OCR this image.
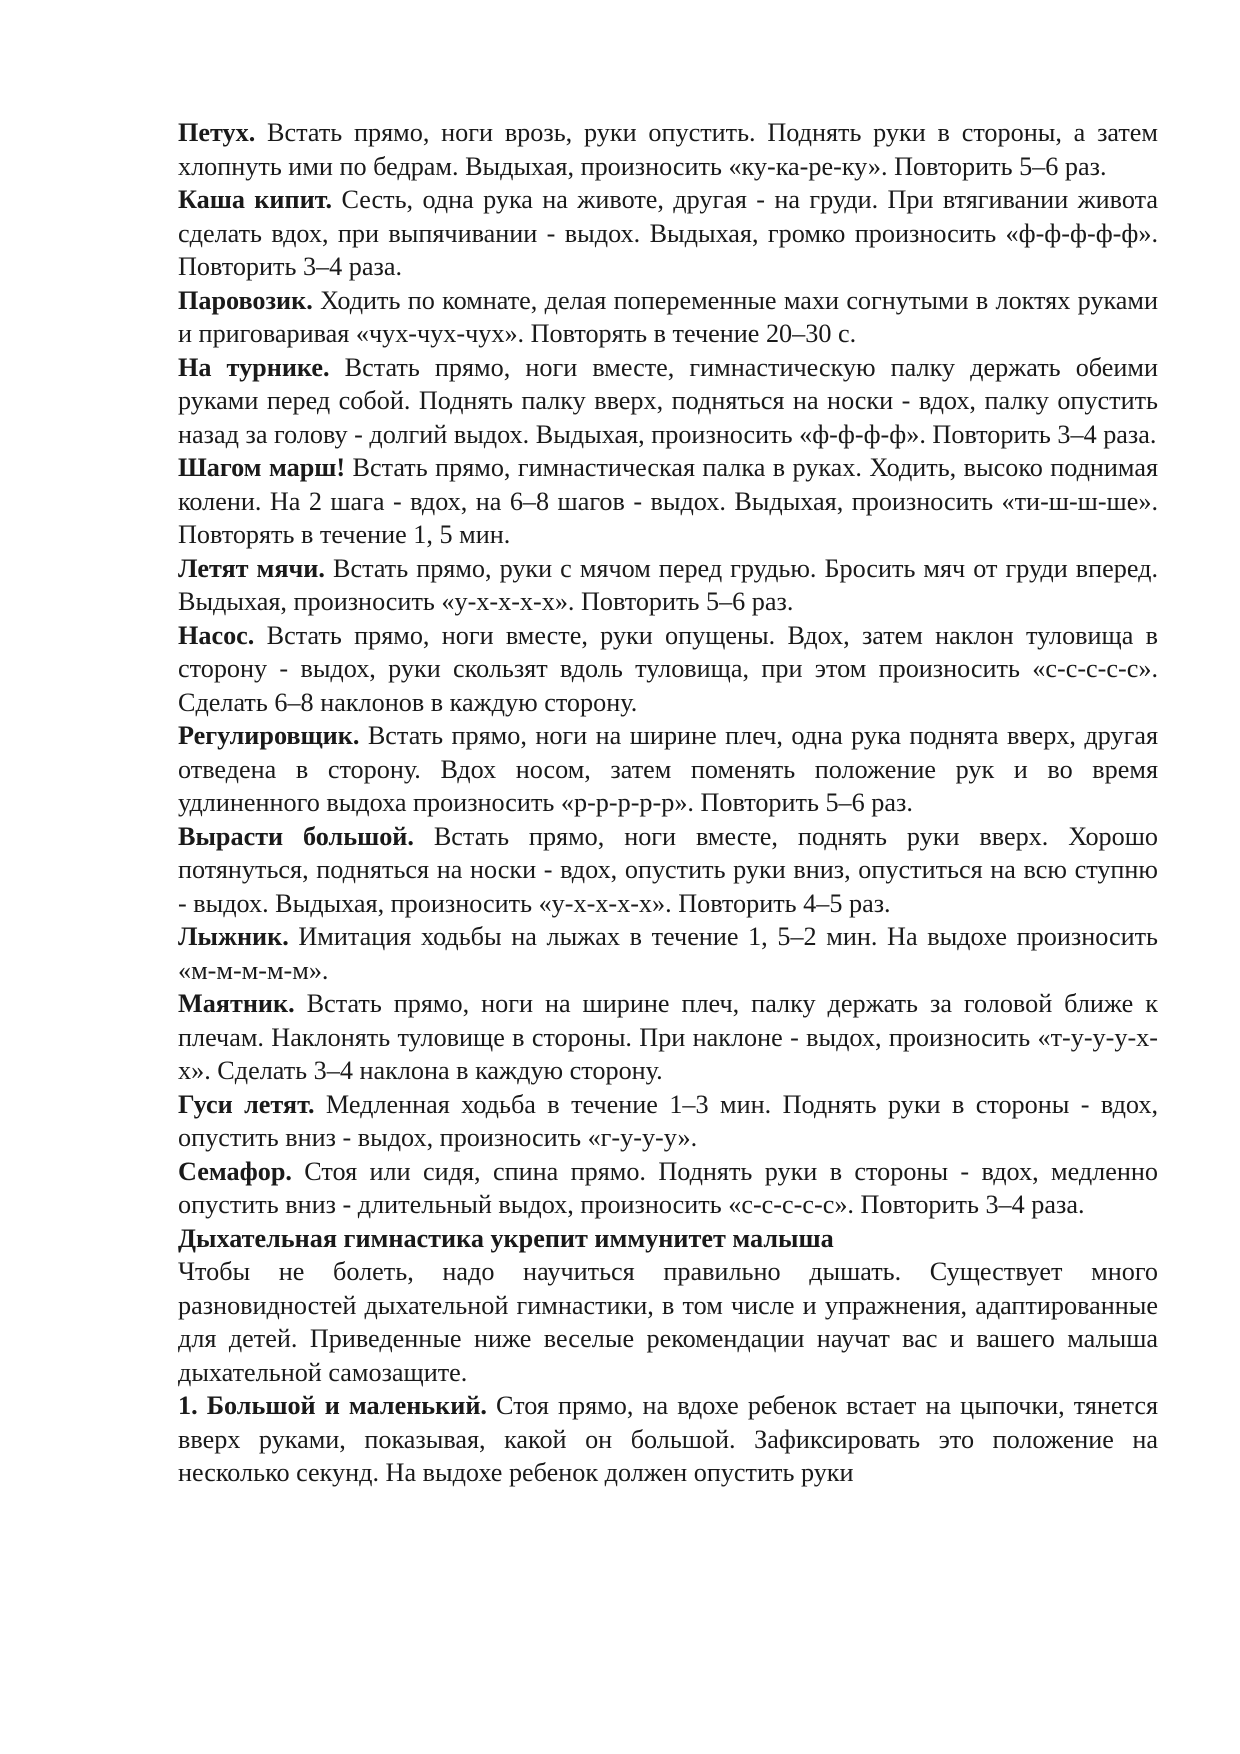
Петух. Встать прямо, ноги врозь, руки опустить. Поднять руки в стороны, а затем хлопнуть ими по бедрам. Выдыхая, произносить «ку-ка-ре-ку». Повторить 5–6 раз.

Каша кипит. Сесть, одна рука на животе, другая - на груди. При втягивании живота сделать вдох, при выпячивании - выдох. Выдыхая, громко произносить «ф-ф-ф-ф-ф». Повторить 3–4 раза.

Паровозик. Ходить по комнате, делая попеременные махи согнутыми в локтях руками и приговаривая «чух-чух-чух». Повторять в течение 20–30 с.

На турнике. Встать прямо, ноги вместе, гимнастическую палку держать обеими руками перед собой. Поднять палку вверх, подняться на носки - вдох, палку опустить назад за голову - долгий выдох. Выдыхая, произносить «ф-ф-ф-ф». Повторить 3–4 раза.

Шагом марш! Встать прямо, гимнастическая палка в руках. Ходить, высоко поднимая колени. На 2 шага - вдох, на 6–8 шагов - выдох. Выдыхая, произносить «ти-ш-ш-ше». Повторять в течение 1, 5 мин.

Летят мячи. Встать прямо, руки с мячом перед грудью. Бросить мяч от груди вперед. Выдыхая, произносить «у-х-х-х-х». Повторить 5–6 раз.

Насос. Встать прямо, ноги вместе, руки опущены. Вдох, затем наклон туловища в сторону - выдох, руки скользят вдоль туловища, при этом произносить «с-с-с-с-с». Сделать 6–8 наклонов в каждую сторону.

Регулировщик. Встать прямо, ноги на ширине плеч, одна рука поднята вверх, другая отведена в сторону. Вдох носом, затем поменять положение рук и во время удлиненного выдоха произносить «р-р-р-р-р». Повторить 5–6 раз.

Вырасти большой. Встать прямо, ноги вместе, поднять руки вверх. Хорошо потянуться, подняться на носки - вдох, опустить руки вниз, опуститься на всю ступню - выдох. Выдыхая, произносить «у-х-х-х-х». Повторить 4–5 раз.

Лыжник. Имитация ходьбы на лыжах в течение 1, 5–2 мин. На выдохе произносить «м-м-м-м-м».

Маятник. Встать прямо, ноги на ширине плеч, палку держать за головой ближе к плечам. Наклонять туловище в стороны. При наклоне - выдох, произносить «т-у-у-у-х-х». Сделать 3–4 наклона в каждую сторону.

Гуси летят. Медленная ходьба в течение 1–3 мин. Поднять руки в стороны - вдох, опустить вниз - выдох, произносить «г-у-у-у».

Семафор. Стоя или сидя, спина прямо. Поднять руки в стороны - вдох, медленно опустить вниз - длительный выдох, произносить «с-с-с-с-с». Повторить 3–4 раза.

Дыхательная гимнастика укрепит иммунитет малыша

Чтобы не болеть, надо научиться правильно дышать. Существует много разновидностей дыхательной гимнастики, в том числе и упражнения, адаптированные для детей. Приведенные ниже веселые рекомендации научат вас и вашего малыша дыхательной самозащите.

1. Большой и маленький. Стоя прямо, на вдохе ребенок встает на цыпочки, тянется вверх руками, показывая, какой он большой. Зафиксировать это положение на несколько секунд. На выдохе ребенок должен опустить руки
